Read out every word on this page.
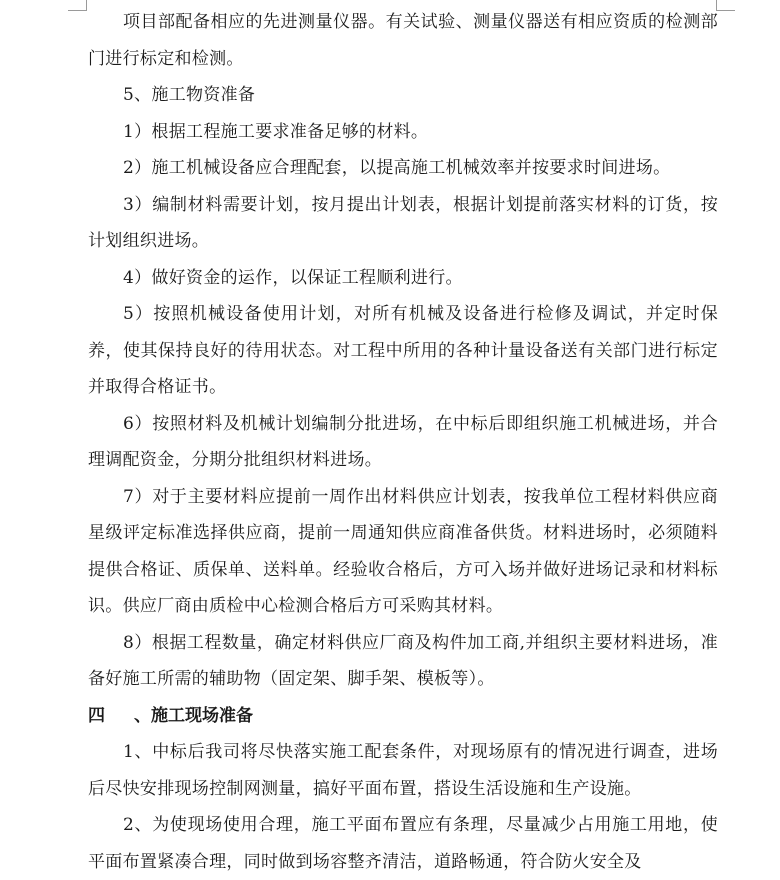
项目部配备相应的先进测量仪器。有关试验、测量仪器送有相应资质的检测部门进行标定和检测。

5、施工物资准备

1）根据工程施工要求准备足够的材料。

2）施工机械设备应合理配套，以提高施工机械效率并按要求时间进场。

3）编制材料需要计划，按月提出计划表，根据计划提前落实材料的订货，按计划组织进场。

4）做好资金的运作，以保证工程顺利进行。

5）按照机械设备使用计划，对所有机械及设备进行检修及调试，并定时保养，使其保持良好的待用状态。对工程中所用的各种计量设备送有关部门进行标定并取得合格证书。

6）按照材料及机械计划编制分批进场，在中标后即组织施工机械进场，并合理调配资金，分期分批组织材料进场。

7）对于主要材料应提前一周作出材料供应计划表，按我单位工程材料供应商星级评定标准选择供应商，提前一周通知供应商准备供货。材料进场时，必须随料提供合格证、质保单、送料单。经验收合格后，方可入场并做好进场记录和材料标识。供应厂商由质检中心检测合格后方可采购其材料。

8）根据工程数量，确定材料供应厂商及构件加工商,并组织主要材料进场，准备好施工所需的辅助物（固定架、脚手架、模板等）。

四 、施工现场准备

1、中标后我司将尽快落实施工配套条件，对现场原有的情况进行调查，进场后尽快安排现场控制网测量，搞好平面布置，搭设生活设施和生产设施。

2、为使现场使用合理，施工平面布置应有条理，尽量减少占用施工用地，使平面布置紧凑合理，同时做到场容整齐清洁，道路畅通，符合防火安全及
